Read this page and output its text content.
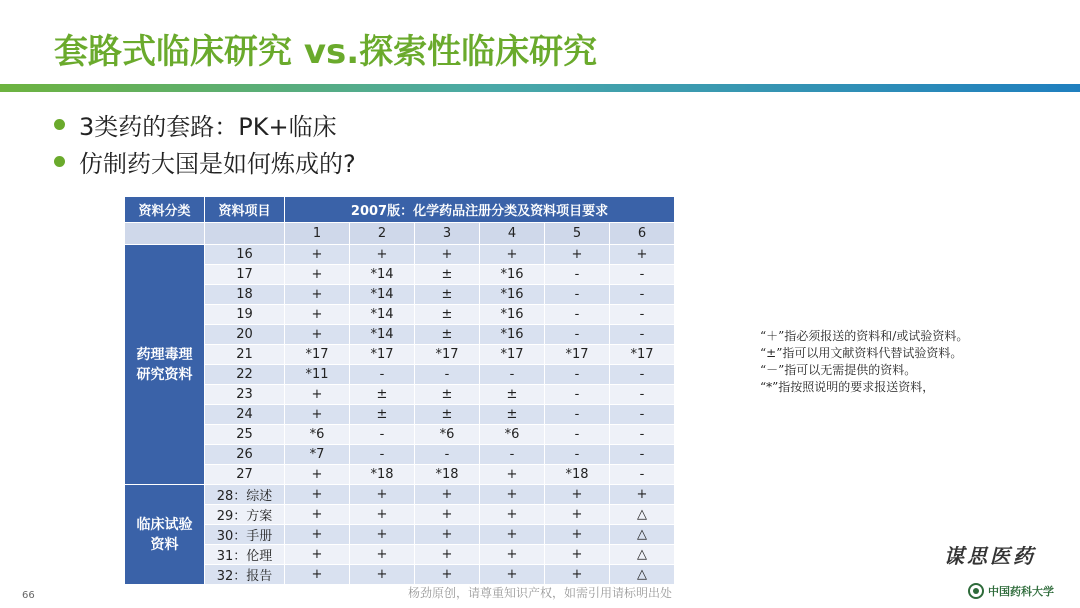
套路式临床研究 vs.探索性临床研究
3类药的套路：PK+临床
仿制药大国是如何炼成的?
资料分类	资料项目	2007版：化学药品注册分类及资料项目要求					
		1	2	3	4	5	6
药理毒理研究资料	16	+	+	+	+	+	+
	17	+	*14	±	*16	-	-
	18	+	*14	±	*16	-	-
	19	+	*14	±	*16	-	-
	20	+	*14	±	*16	-	-
	21	*17	*17	*17	*17	*17	*17
	22	*11	-	-	-	-	-
	23	+	±	±	±	-	-
	24	+	±	±	±	-	-
	25	*6	-	*6	*6	-	-
	26	*7	-	-	-	-	-
	27	+	*18	*18	+	*18	-
临床试验资料	28：综述	+	+	+	+	+	+
	29：方案	+	+	+	+	+	△
	30：手册	+	+	+	+	+	△
	31：伦理	+	+	+	+	+	△
	32：报告	+	+	+	+	+	△
“＋”指必须报送的资料和/或试验资料。
“±”指可以用文献资料代替试验资料。
“－”指可以无需提供的资料。
“*”指按照说明的要求报送资料，
66	杨劲原创，请尊重知识产权，如需引用请标明出处
谋思医药
中国药科大学
